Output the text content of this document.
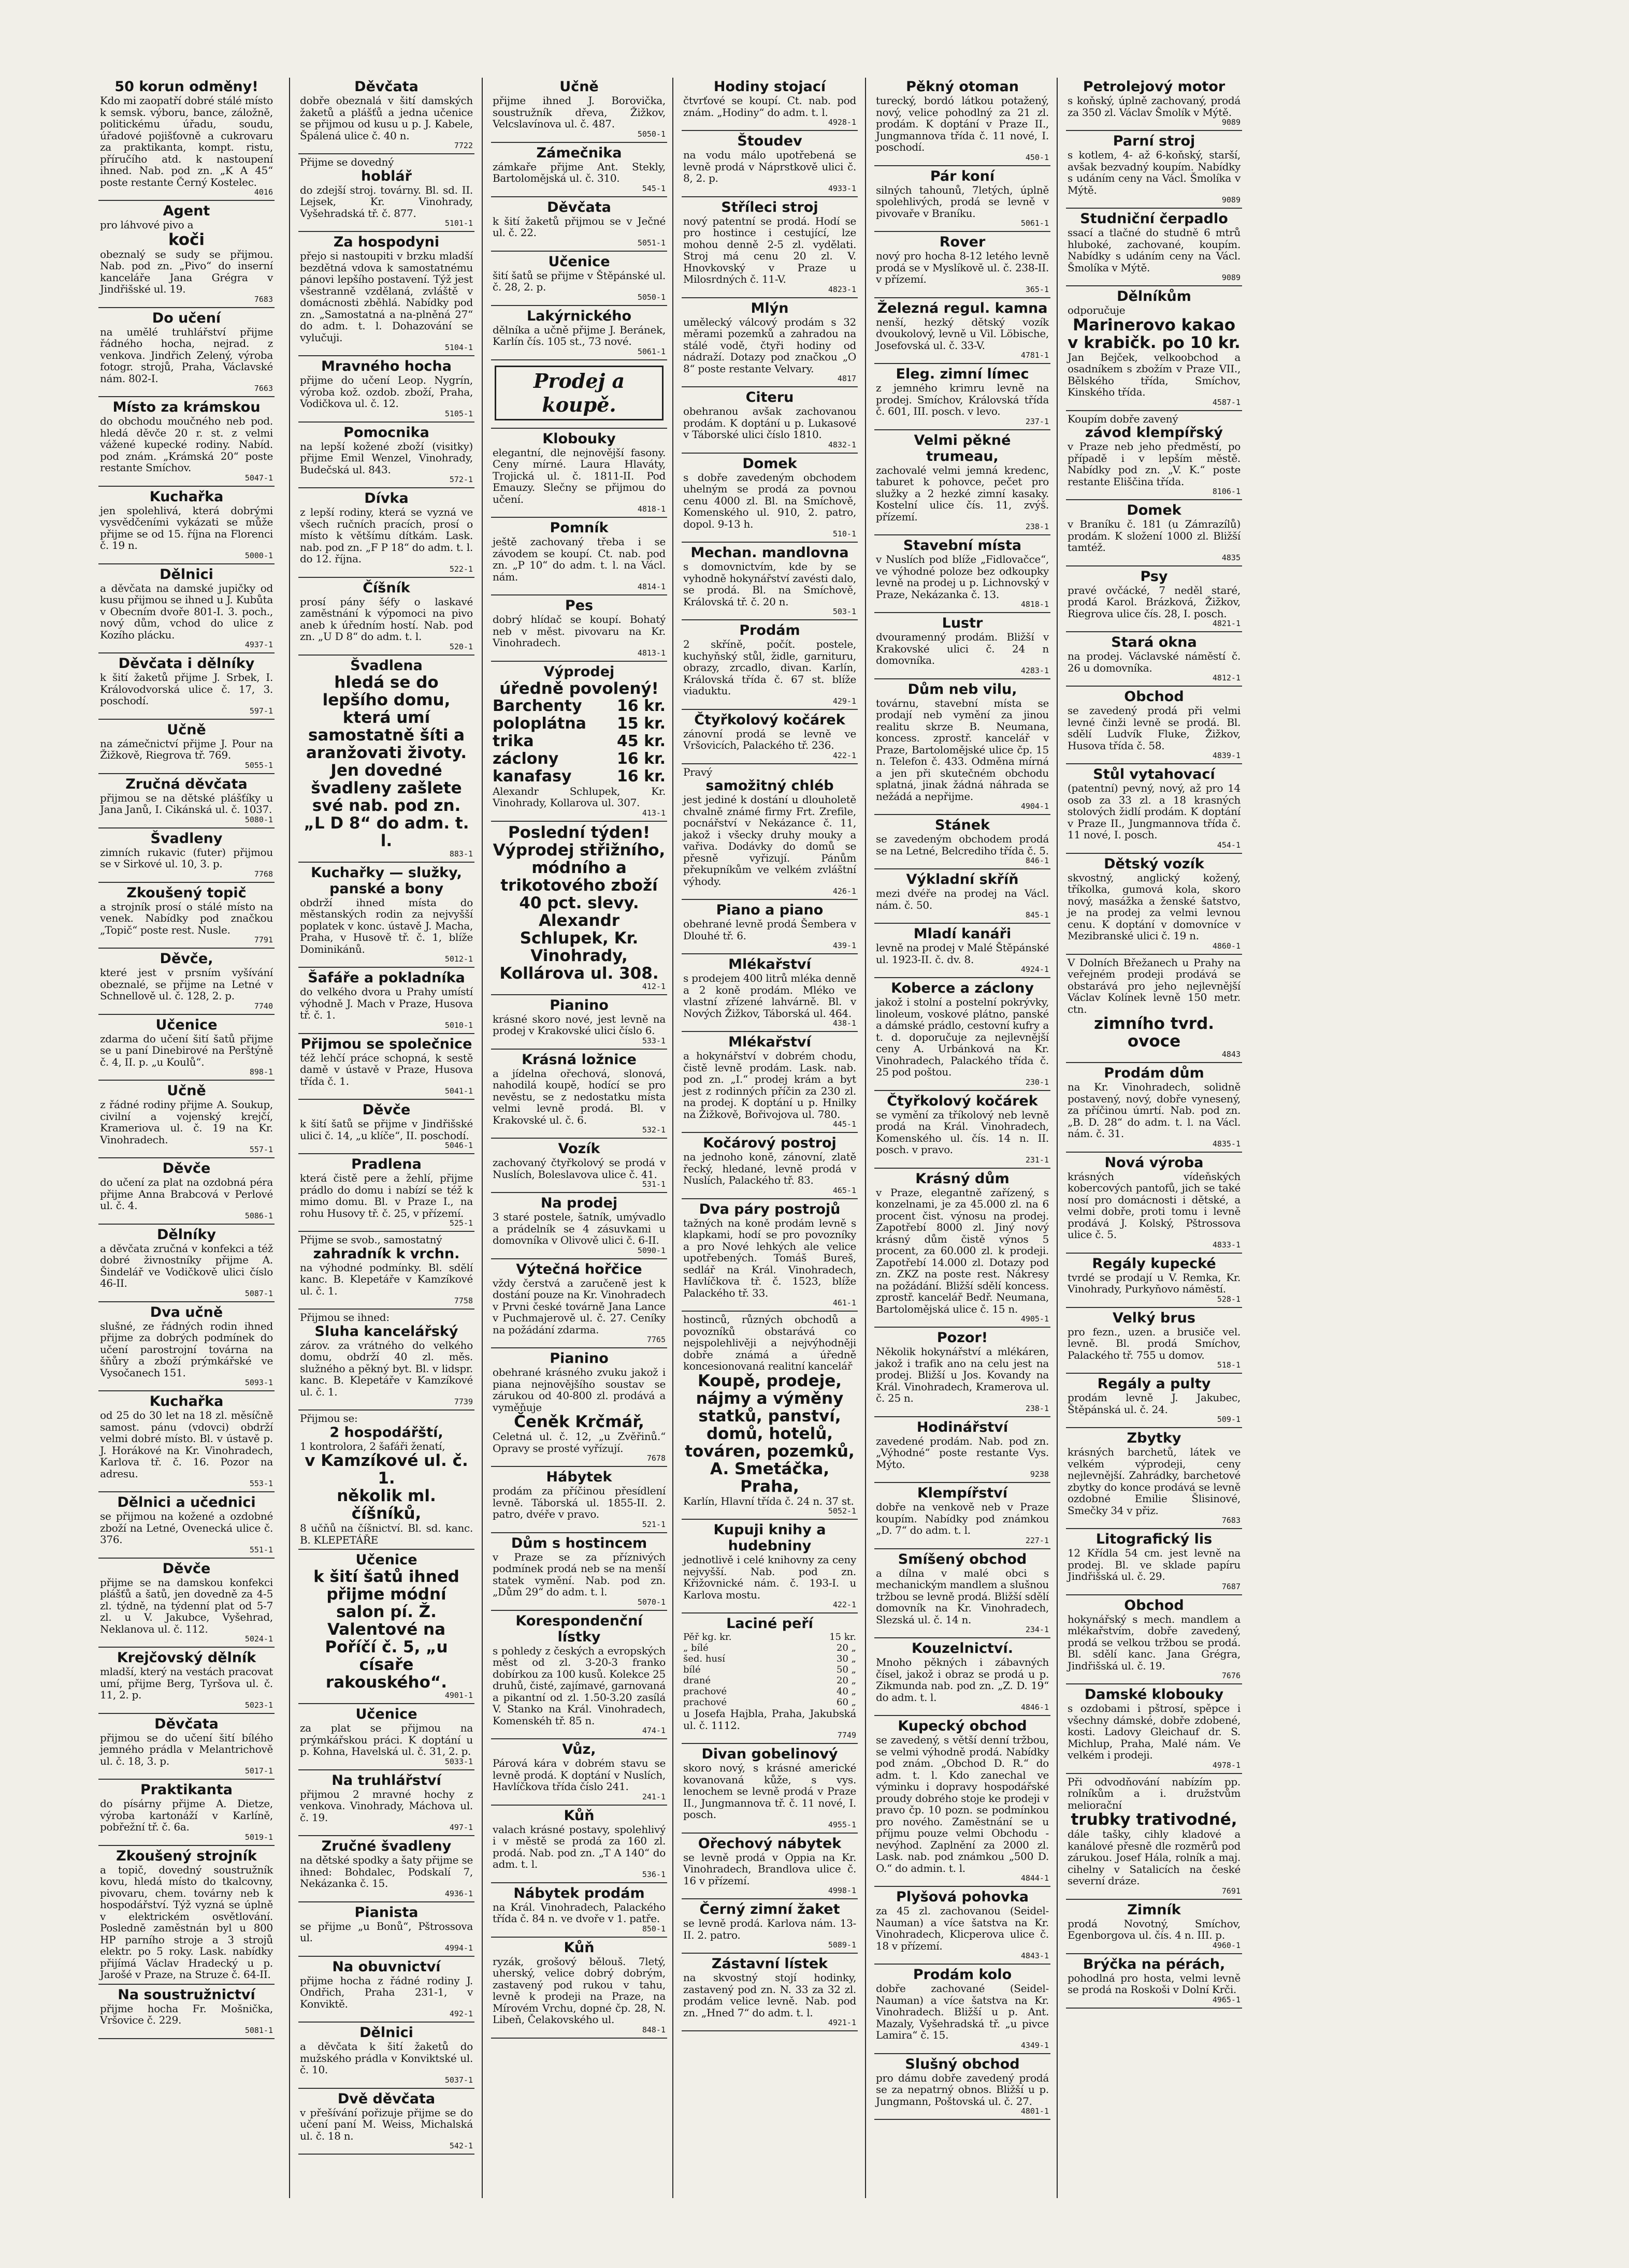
50 korun odměny!
Kdo mi zaopatří dobré stálé místo k semsk. výboru, bance, záložně, politickému úřadu, soudu, úřadové pojišťovně a cukrovaru za praktikanta, kompt. ristu, příručího atd. k nastoupení ihned. Nab. pod zn. „K A 45“ poste restante Černý Kostelec.
4016
Agent
pro láhvové pivo a
koči
obeznalý se sudy se přijmou. Nab. pod zn. „Pivo“ do inserní kanceláře Jana Grégra v Jindřišské ul. 19.
7683
Do učení
na umělé truhlářství přijme řádného hocha, nejrad. z venkova. Jindřich Zelený, výroba fotogr. strojů, Praha, Václavské nám. 802-I.
7663
Místo za krámskou
do obchodu moučného neb pod. hledá děvče 20 r. st. z velmi vážené kupecké rodiny. Nabíd. pod znám. „Krámská 20“ poste restante Smíchov.
5047-1
Kuchařka
jen spolehlivá, která dobrými vysvědčeními vykázati se může přijme se od 15. října na Florenci č. 19 n.
5000-1
Dělnici
a děvčata na damské jupičky od kusu přijmou se ihned u J. Kubůta v Obecním dvoře 801-I. 3. poch., nový dům, vchod do ulice z Kozího plácku.
4937-1
Děvčata i dělníky
k šití žaketů přijme J. Srbek, I. Královodvorská ulice č. 17, 3. poschodí.
597-1
Učně
na zámečnictví přijme J. Pour na Žižkově, Riegrova tř. 769.
5055-1
Zručná děvčata
přijmou se na dětské plášťíky u Jana Janů, I. Cikánská ul. č. 1037.
5080-1
Švadleny
zimních rukavic (futer) přijmou se v Sirkové ul. 10, 3. p.
7768
Zkoušený topič
a strojník prosí o stálé místo na venek. Nabídky pod značkou „Topič“ poste rest. Nusle.
7791
Děvče,
které jest v prsním vyšívání obeznalé, se přijme na Letné v Schnellově ul. č. 128, 2. p.
7740
Učenice
zdarma do učení šití šatů přijme se u paní Dinebirové na Perštýně č. 4, II. p. „u Koulů“.
898-1
Učně
z řádné rodiny přijme A. Soukup, civilní a vojenský krejčí, Krameriova ul. č. 19 na Kr. Vinohradech.
557-1
Děvče
do učení za plat na ozdobná péra přijme Anna Brabcová v Perlové ul. č. 4.
5086-1
Dělníky
a děvčata zručná v konfekci a též dobré živnostníky přijme A. Šindelář ve Vodičkově ulici číslo 46-II.
5087-1
Dva učně
slušné, ze řádných rodin ihned přijme za dobrých podmínek do učení parostrojní továrna na šňůry a zboží prýmkářské ve Vysočanech 151.
5093-1
Kuchařka
od 25 do 30 let na 18 zl. měsíčně samost. pánu (vdovci) obdrží velmi dobré místo. Bl. v ústavě p. J. Horákové na Kr. Vinohradech, Karlova tř. č. 16. Pozor na adresu.
553-1
Dělnici a učednici
se přijmou na kožené a ozdobné zboží na Letné, Ovenecká ulice č. 376.
551-1
Děvče
přijme se na damskou konfekci plášťů a šatů, jen dovedně za 4-5 zl. týdně, na týdenní plat od 5-7 zl. u V. Jakubce, Vyšehrad, Neklanova ul. č. 112.
5024-1
Krejčovský dělník
mladší, který na vestách pracovat umí, přijme Berg, Tyršova ul. č. 11, 2. p.
5023-1
Děvčata
přijmou se do učení šití bílého jemného prádla v Melantrichově ul. č. 18, 3. p.
5017-1
Praktikanta
do písárny přijme A. Dietze, výroba kartonáží v Karlíně, pobřežní tř. č. 6a.
5019-1
Zkoušený strojník
a topič, dovedný soustružník kovu, hledá místo do tkalcovny, pivovaru, chem. továrny neb k hospodářství. Týž vyzná se úplně v elektrickém osvětlování. Posledně zaměstnán byl u 800 HP parního stroje a 3 strojů elektr. po 5 roky. Lask. nabídky přijímá Václav Hradecký u p. Jarošé v Praze, na Struze č. 64-II.
Na soustružnictví
přijme hocha Fr. Mošnička, Vršovice č. 229.
5081-1
Děvčata
dobře obeznalá v šití damských žaketů a plášťů a jedna učenice se přijmou od kusu u p. J. Kabele, Špálená ulice č. 40 n.
7722
Přijme se dovedný
hoblář
do zdejší stroj. továrny. Bl. sd. II. Lejsek, Kr. Vinohrady, Vyšehradská tř. č. 877.
5101-1
Za hospodyni
přejo si nastoupiti v brzku mladší bezdětná vdova k samostatnému pánovi lepšího postavení. Týž jest všestranně vzdělaná, zvláště v domácnosti zběhlá. Nabídky pod zn. „Samostatná a na-plněná 27“ do adm. t. l. Dohazování se vylučuji.
5104-1
Mravného hocha
přijme do učení Leop. Nygrín, výroba kož. ozdob. zboží, Praha, Vodičkova ul. č. 12.
5105-1
Pomocnika
na lepší kožené zboží (visitky) přijme Emil Wenzel, Vinohrady, Budečská ul. 843.
572-1
Dívka
z lepší rodiny, která se vyzná ve všech ručních pracích, prosí o místo k většímu dítkám. Lask. nab. pod zn. „F P 18“ do adm. t. l. do 12. října.
522-1
Číšník
prosí pány šéfy o laskavé zaměstnání k výpomoci na pivo aneb k úředním hostí. Nab. pod zn. „U D 8“ do adm. t. l.
520-1
Švadlena
hledá se do lepšího domu, která umí samostatně šíti a aranžovati životy. Jen dovedné švadleny zašlete své nab. pod zn. „L D 8“ do adm. t. l.
883-1
Kuchařky — služky, panské a bony
obdrží ihned místa do městanských rodin za nejvyšší poplatek v konc. ústavě J. Macha, Praha, v Husově tř. č. 1, blíže Dominikánů.
5012-1
Šafáře a pokladníka
do velkého dvora u Prahy umístí výhodně J. Mach v Praze, Husova tř. č. 1.
5010-1
Přijmou se společnice
též lehčí práce schopná, k sestě damě v ústavě v Praze, Husova třída č. 1.
5041-1
Děvče
k šití šatů se přijme v Jindřišské ulici č. 14, „u klíče“, II. poschodí.
5046-1
Pradlena
která čistě pere a žehlí, přijme prádlo do domu i nabízí se též k mimo domu. Bl. v Praze I., na rohu Husovy tř. č. 25, v přízemí.
525-1
Přijme se svob., samostatný
zahradník k vrchn.
na výhodné podmínky. Bl. sdělí kanc. B. Klepetáře v Kamzíkové ul. č. 1.
7758
Přijmou se ihned:
Sluha kancelářský
zárov. za vrátného do velkého domu, obdrží 40 zl. měs. služného a pěkný byt. Bl. v lidspr. kanc. B. Klepetáře v Kamzíkové ul. č. 1.
7739
Přijmou se:
2 hospodářští,
1 kontrolora, 2 šafáři ženatí,
v Kamzíkové ul. č. 1.
několik ml. číšníků,
8 učňů na číšnictví. Bl. sd. kanc. B. KLEPETÁŘE
Učenice
k šití šatů ihned přijme módní salon pí. Ž. Valentové na Poříčí č. 5, „u císaře rakouského“.
4901-1
Učenice
za plat se přijmou na prýmkářskou práci. K doptání u p. Kohna, Havelská ul. č. 31, 2. p.
5033-1
Na truhlářství
přijmou 2 mravné hochy z venkova. Vinohrady, Máchova ul. č. 19.
497-1
Zručné švadleny
na dětské spodky a šaty přijme se ihned: Bohdalec, Podskalí 7, Nekázanka č. 15.
4936-1
Pianista
se přijme „u Bonů“, Pštrossova ul.
4994-1
Na obuvnictví
přijme hocha z řádné rodiny J. Ondřich, Praha 231-1, v Konviktě.
492-1
Dělnici
a děvčata k šití žaketů do mužského prádla v Konviktské ul. č. 10.
5037-1
Dvě děvčata
v přešívání pořizuje přijme se do učení paní M. Weiss, Michalská ul. č. 18 n.
542-1
Učně
přijme ihned J. Borovička, soustružník dřeva, Žižkov, Velcslavínova ul. č. 487.
5050-1
Zámečnika
zámkaře přijme Ant. Stekly, Bartolomějská ul. č. 310.
545-1
Děvčata
k šití žaketů přijmou se v Ječné ul. č. 22.
5051-1
Učenice
šití šatů se přijme v Štěpánské ul. č. 28, 2. p.
5050-1
Lakýrnického
dělníka a učně přijme J. Beránek, Karlín čís. 105 st., 73 nové.
5061-1
Prodej a koupě.
Klobouky
elegantní, dle nejnovější fasony. Ceny mírné. Laura Hlaváty, Trojická ul. č. 1811-II. Pod Emauzy. Slečny se přijmou do učení.
4818-1
Pomník
ještě zachovaný třeba i se závodem se koupí. Ct. nab. pod zn. „P 10“ do adm. t. l. na Václ. nám.
4814-1
Pes
dobrý hlídač se koupí. Bohatý neb v měst. pivovaru na Kr. Vinohradech.
4813-1
Výprodej
úředně povolený!
Barchenty 16 kr.
poloplátna 15 kr.
trika	45 kr.
záclony	16 kr.
kanafasy	16 kr.
Alexandr Schlupek, Kr. Vinohrady, Kollarova ul. 307.
413-1
Poslední týden! Výprodej střižního, módního a trikotového zboží 40 pct. slevy. Alexandr Schlupek, Kr. Vinohrady, Kollárova ul. 308.
412-1
Pianino
krásné skoro nové, jest levně na prodej v Krakovské ulici číslo 6.
533-1
Krásná ložnice
a jídelna ořechová, slonová, nahodilá koupě, hodící se pro nevěstu, se z nedostatku místa velmi levně prodá. Bl. v Krakovské ul. č. 6.
532-1
Vozík
zachovaný čtyřkolový se prodá v Nuslích, Boleslavova ulice č. 41.
531-1
Na prodej
3 staré postele, šatník, umývadlo a prádelník se 4 zásuvkami u domovníka v Olivově ulici č. 6-II.
5090-1
Výtečná hořčice
vždy čerstvá a zaručeně jest k dostání pouze na Kr. Vinohradech v Prvni české továrně Jana Lance v Puchmajerově ul. č. 27. Ceníky na požádání zdarma.
7765
Pianino
obehrané krásného zvuku jakož i piana nejnovějšího soustav se zárukou od 40-800 zl. prodává a vyměňuje
Čeněk Krčmář,
Celetná ul. č. 12, „u Zvěřinů.“ Opravy se prosté vyřízují.
7678
Hábytek
prodám za příčinou přesídlení levně. Táborská ul. 1855-II. 2. patro, dvéře v pravo.
521-1
Dům s hostincem
v Praze se za příznivých podmínek prodá neb se na menší statek vymění. Nab. pod zn. „Dům 29“ do adm. t. l.
5070-1
Korespondenční lístky
s pohledy z českých a evropských měst od zl. 3-20-3 franko dobírkou za 100 kusů. Kolekce 25 druhů, čisté, zajímavé, garnovaná a pikantní od zl. 1.50-3.20 zasílá V. Stanko na Král. Vinohradech, Komenskéh tř. 85 n.
474-1
Vůz,
Párová kára v dobrém stavu se levně prodá. K doptání v Nuslích, Havlíčkova třída číslo 241.
241-1
Kůň
valach krásné postavy, spolehlivý i v městě se prodá za 160 zl. prodá. Nab. pod zn. „T A 140“ do adm. t. l.
536-1
Nábytek prodám
na Král. Vinohradech, Palackého třída č. 84 n. ve dvoře v 1. patře.
850-1
Kůň
ryzák, grošový bělouš. 7letý, uherský, velice dobrý dobrým, zastavený pod rukou v tahu, levně k prodeji na Praze, na Mírovém Vrchu, dopné čp. 28, N. Libeň, Čelakovského ul.
848-1
Hodiny stojací
čtvrťové se koupí. Ct. nab. pod znám. „Hodiny“ do adm. t. l.
4928-1
Štoudev
na vodu málo upotřebená se levně prodá v Náprstkově ulici č. 8, 2. p.
4933-1
Stříleci stroj
nový patentní se prodá. Hodí se pro hostince i cestující, lze mohou denně 2-5 zl. vydělati. Stroj má cenu 20 zl. V. Hnovkovský v Praze u Milosrdných č. 11-V.
4823-1
Mlýn
umělecký válcový prodám s 32 měrami pozemků a zahradou na stálé vodě, čtyři hodiny od nádraží. Dotazy pod značkou „O 8“ poste restante Velvary.
4817
Citeru
obehranou avšak zachovanou prodám. K doptání u p. Lukasové v Táborské ulici číslo 1810.
4832-1
Domek
s dobře zavedeným obchodem uhelným se prodá za povnou cenu 4000 zl. Bl. na Smíchově, Komenského ul. 910, 2. patro, dopol. 9-13 h.
510-1
Mechan. mandlovna
s domovnictvím, kde by se vyhodně hokynářství zavésti dalo, se prodá. Bl. na Smíchově, Královská tř. č. 20 n.
503-1
Prodám
2 skříně, počít. postele, kuchyňský stůl, židle, garnituru, obrazy, zrcadlo, divan. Karlín, Královská třída č. 67 st. blíže viaduktu.
429-1
Čtyřkolový kočárek
zánovní prodá se levně ve Vršovicích, Palackého tř. 236.
422-1
Pravý
samožitný chléb
jest jediné k dostání u dlouholetě chvalně známé firmy Frt. Zrefile, pocnářství v Nekázance č. 11, jakož i všecky druhy mouky a vařiva. Dodávky do domů se přesně vyřizují. Pánům překupníkům ve velkém zvláštní výhody.
426-1
Piano a piano
obehrané levně prodá Šembera v Dlouhé tř. 6.
439-1
Mlékařství
s prodejem 400 litrů mléka denně a 2 koně prodám. Mléko ve vlastní zřízené lahvárně. Bl. v Nových Žižkov, Táborská ul. 464.
438-1
Mlékařství
a hokynářství v dobrém chodu, čistě levně prodám. Lask. nab. pod zn. „I.“ prodej krám a byt jest z rodinných příčin za 230 zl. na prodej. K doptání u p. Hnilky na Žižkově, Bořivojova ul. 780.
445-1
Kočárový postroj
na jednoho koně, zánovní, zlatě řecký, hledané, levně prodá v Nuslích, Palackého tř. 83.
465-1
Dva páry postrojů
tažných na koně prodám levně s klapkami, hodí se pro povozníky a pro Nové lehkých ale velice upotřebených. Tomáš Bureš, sedlář na Král. Vinohradech, Havlíčkova tř. č. 1523, blíže Palackého tř. 33.
461-1
hostinců, různých obchodů a povozníků obstarává co nejspolehlivěji a nejvýhodněji dobře známá a úředně koncesionovaná realitní kancelář
Koupě, prodeje, nájmy a výměny statků, panství, domů, hotelů, továren, pozemků,
A. Smetáčka, Praha,
Karlín, Hlavní třída č. 24 n. 37 st.
5052-1
Kupuji knihy a hudebniny
jednotlivě i celé knihovny za ceny nejvyšší. Nab. pod zn. Křižovnické nám. č. 193-I. u Karlova mostu.
422-1
Laciné peří
Pěř kg. kr.	15 kr.
„ bílé	20 „
šed. husí	30 „
bílé	50 „
drané	20 „
prachové	40 „
prachové	60 „
u Josefa Hajbla, Praha, Jakubská ul. č. 1112.
7749
Divan gobelinový
skoro nový, s krásné americké kovanovaná kůže, s vys. lenochem se levně prodá v Praze II., Jungmannova tř. č. 11 nové, I. posch.
4955-1
Ořechový nábytek
se levně prodá v Oppia na Kr. Vinohradech, Brandlova ulice č. 16 v přízemí.
4998-1
Černý zimní žaket
se levně prodá. Karlova nám. 13-II. 2. patro.
5089-1
Zástavní lístek
na skvostný stojí hodinky, zastavený pod zn. N. 33 za 32 zl. prodám velice levně. Nab. pod zn. „Hned 7“ do adm. t. l.
4921-1
Pěkný otoman
turecký, bordó látkou potažený, nový, velice pohodlný za 21 zl. prodám. K doptání v Praze II., Jungmannova třída č. 11 nové, I. poschodí.
450-1
Pár koní
silných tahounů, 7letých, úplně spolehlivých, prodá se levně v pivovaře v Braníku.
5061-1
Rover
nový pro hocha 8-12 letého levně prodá se v Myslíkově ul. č. 238-II. v přízemí.
365-1
Železná regul. kamna
nenší, hezký dětský vozík dvoukolový, levně u Vil. Löbische, Josefovská ul. č. 33-V.
4781-1
Eleg. zimní límec
z jemného krimru levně na prodej. Smíchov, Královská třída č. 601, III. posch. v levo.
237-1
Velmi pěkné trumeau,
zachovalé velmi jemná kredenc, taburet k pohovce, pečet pro služky a 2 hezké zimní kasaky. Kostelní ulice čís. 11, zvýš. přízemí.
238-1
Stavební místa
v Nuslích pod blíže „Fidlovačce“, ve výhodné poloze bez odkoupky levně na prodej u p. Lichnovský v Praze, Nekázanka č. 13.
4818-1
Lustr
dvouramenný prodám. Bližší v Krakovské ulici č. 24 n domovníka.
4283-1
Dům neb vilu,
továrnu, stavební místa se prodají neb vymění za jinou realitu skrze B. Neumana, koncess. zprostř. kancelář v Praze, Bartolomějské ulice čp. 15 n. Telefon č. 433. Odměna mírná a jen při skutečném obchodu splatná, jinak žádná náhrada se nežádá a nepřijme.
4904-1
Stánek
se zavedeným obchodem prodá se na Letné, Belcrediho třída č. 5.
846-1
Výkladní skříň
mezi dvéře na prodej na Václ. nám. č. 50.
845-1
Mladí kanáři
levně na prodej v Malé Štěpánské ul. 1923-II. č. dv. 8.
4924-1
Koberce a záclony
jakož i stolní a postelní pokrývky, linoleum, voskové plátno, panské a dámské prádlo, cestovní kufry a t. d. doporučuje za nejlevnější ceny A. Urbánková na Kr. Vinohradech, Palackého třída č. 25 pod poštou.
230-1
Čtyřkolový kočárek
se vymění za tříkolový neb levně prodá na Král. Vinohradech, Komenského ul. čís. 14 n. II. posch. v pravo.
231-1
Krásný dům
v Praze, elegantně zařízený, s konzelnami, je za 45.000 zl. na 6 procent čist. výnosu na prodej. Zapotřebí 8000 zl. Jiný nový krásný dům čistě výnos 5 procent, za 60.000 zl. k prodeji. Zapotřebí 14.000 zl. Dotazy pod zn. ZKZ na poste rest. Nákresy na požádání. Bližší sdělí koncess. zprostř. kancelář Bedř. Neumana, Bartolomějská ulice č. 15 n.
4905-1
Pozor!
Několik hokynářství a mlékáren, jakož i trafik ano na celu jest na prodej. Bližší u Jos. Kovandy na Král. Vinohradech, Kramerova ul. č. 25 n.
238-1
Hodinářství
zavedené prodám. Nab. pod zn. „Výhodné“ poste restante Vys. Mýto.
9238
Klempířství
dobře na venkově neb v Praze koupím. Nabídky pod známkou „D. 7“ do adm. t. l.
227-1
Smíšený obchod
a dílna v malé obci s mechanickým mandlem a slušnou tržbou se levně prodá. Bližší sdělí domovník na Kr. Vinohradech, Slezská ul. č. 14 n.
234-1
Kouzelnictví.
Mnoho pěkných i zábavných čísel, jakož i obraz se prodá u p. Zikmunda nab. pod zn. „Z. D. 19“ do adm. t. l.
4846-1
Kupecký obchod
se zavedený, s větší denní tržbou, se velmi výhodně prodá. Nabídky pod znám. „Obchod D. R.“ do adm. t. l. Kdo zanechal ve výminku i dopravy hospodářské proudy dobrého stoje ke prodeji v pravo čp. 10 pozn. se podmínkou pro nového. Zaměstnání se u příjmu pouze velmi Obchodu - nevýhod. Zaplnění za 2000 zl. Lask. nab. pod známkou „500 D. O.“ do admin. t. l.
4844-1
Plyšová pohovka
za 45 zl. zachovanou (Seidel-Nauman) a více šatstva na Kr. Vinohradech, Klicperova ulice č. 18 v přízemí.
4843-1
Prodám kolo
dobře zachované (Seidel-Nauman) a více šatstva na Kr. Vinohradech. Bližší u p. Ant. Mazaly, Vyšehradská tř. „u pivce Lamira“ č. 15.
4349-1
Slušný obchod
pro dámu dobře zavedený prodá se za nepatrný obnos. Bližší u p. Jungmann, Poštovská ul. č. 27.
4801-1
Petrolejový motor
s koňský, úplně zachovaný, prodá za 350 zl. Václav Šmolík v Mýtě.
9089
Parní stroj
s kotlem, 4- až 6-koňský, starší, avšak bezvadný koupím. Nabídky s udáním ceny na Václ. Šmolíka v Mýtě.
9089
Studniční čerpadlo
ssací a tlačné do studně 6 mtrů hluboké, zachované, koupím. Nabídky s udáním ceny na Václ. Šmolíka v Mýtě.
9089
Dělníkům
odporučuje
Marinerovo kakao v krabičk. po 10 kr.
Jan Bejček, velkoobchod a osadníkem s zbožím v Praze VII., Bělského třída, Smíchov, Kinského třída.
4587-1
Koupím dobře zavený
závod klempířský
v Praze neb jeho předměstí, po případě i v lepším městě. Nabídky pod zn. „V. K.“ poste restante Eliščina třída.
8106-1
Domek
v Braníku č. 181 (u Zámrazílů) prodám. K složení 1000 zl. Bližší tamtéž.
4835
Psy
pravé ovčácké, 7 neděl staré, prodá Karol. Brázková, Žižkov, Riegrova ulice čís. 28, I. posch.
4821-1
Stará okna
na prodej. Václavské náměstí č. 26 u domovníka.
4812-1
Obchod
se zavedený prodá při velmi levné činži levně se prodá. Bl. sdělí Ludvík Fluke, Žižkov, Husova třída č. 58.
4839-1
Stůl vytahovací
(patentní) pevný, nový, až pro 14 osob za 33 zl. a 18 krasných stolových židlí prodám. K doptání v Praze II., Jungmannova třída č. 11 nové, I. posch.
454-1
Dětský vozík
skvostný, anglický kožený, tříkolka, gumová kola, skoro nový, masážka a ženské šatstvo, je na prodej za velmi levnou cenu. K doptání v domovníce v Mezibranské ulici č. 19 n.
4860-1
V Dolních Břežanech u Prahy na veřejném prodeji prodává se obstarává pro jeho nejlevnější Václav Kolínek levně 150 metr. ctn.
zimního tvrd. ovoce
4843
Prodám dům
na Kr. Vinohradech, solidně postavený, nový, dobře vynesený, za příčinou úmrtí. Nab. pod zn. „B. D. 28“ do adm. t. l. na Václ. nám. č. 31.
4835-1
Nová výroba
krásných vídeňských kobercových pantofů, jich se také nosí pro domácnosti i dětské, a velmi dobře, proti tomu i levně prodává J. Kolský, Pštrossova ulice č. 5.
4833-1
Regály kupecké
tvrdé se prodají u V. Remka, Kr. Vinohrady, Purkyňovo náměstí.
528-1
Velký brus
pro fezn., uzen. a brusiče vel. levně. Bl. prodá Smíchov, Palackého tř. 755 u domov.
518-1
Regály a pulty
prodám levně J. Jakubec, Štěpánská ul. č. 24.
509-1
Zbytky
krásných barchetů, látek ve velkém výprodeji, ceny nejlevnější. Zahrádky, barchetové zbytky do konce prodává se levně ozdobné Emilie Šlisinové, Smečky 34 v přiz.
7683
Litografický lis
12 Křídla 54 cm. jest levně na prodej. Bl. ve sklade papíru Jindřišská ul. č. 29.
7687
Obchod
hokynářský s mech. mandlem a mlékařstvím, dobře zavedený, prodá se velkou tržbou se prodá. Bl. sdělí kanc. Jana Grégra, Jindřišská ul. č. 19.
7676
Damské klobouky
s ozdobami i pštrosí, spěpce i všechny dámské, dobře zdobené, kosti. Ladovy Gleichauf dr. S. Michlup, Praha, Malé nám. Ve velkém i prodeji.
4978-1
Při odvodňování nabízím pp. rolníkům a i. družstvům meliorační
trubky trativodné,
dále tašky, cihly kladové a kanálové přesně dle rozměrů pod zárukou. Josef Hála, rolník a maj. cihelny v Satalicích na české severní dráze.
7691
Zimník
prodá Novotný, Smíchov, Egenborgova ul. čís. 4 n. III. p.
4960-1
Brýčka na pérách,
pohodlná pro hosta, velmi levně se prodá na Roskoši v Dolní Krči.
4965-1
